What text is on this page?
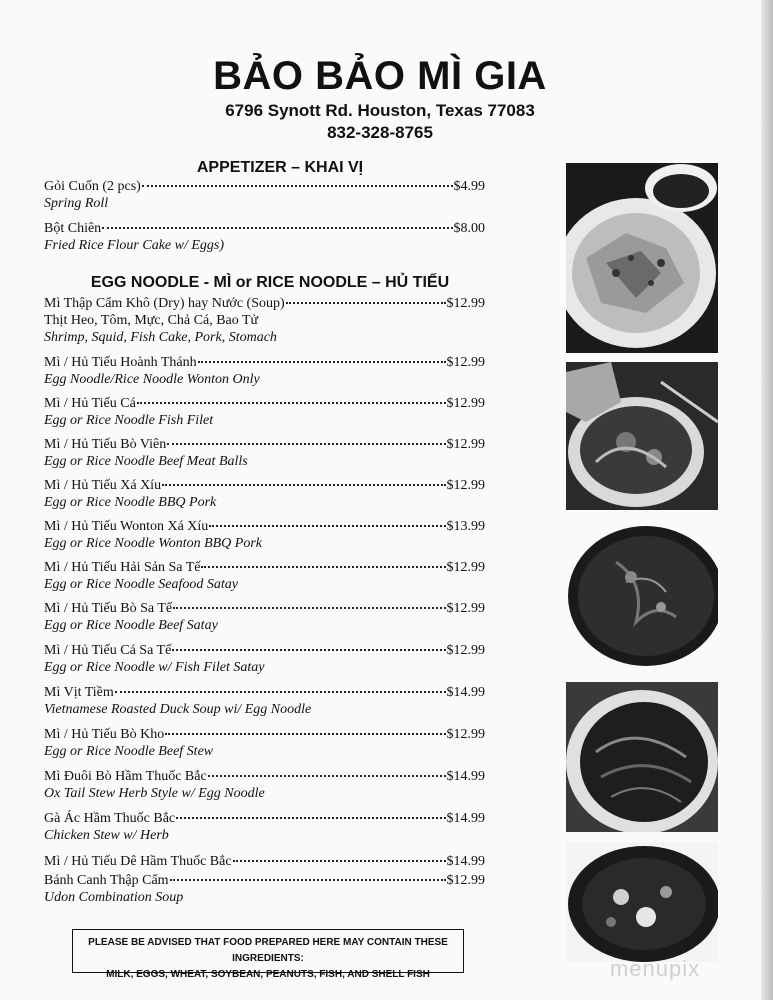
BẢO BẢO MÌ GIA
6796 Synott Rd. Houston, Texas 77083
832-328-8765
APPETIZER – KHAI VỊ
Gỏi Cuốn (2 pcs)	$4.99
Spring Roll
Bột Chiên	$8.00
Fried Rice Flour Cake w/ Eggs)
EGG NOODLE - MÌ or RICE NOODLE – HỦ TIẾU
Mì Thập Cẩm Khô (Dry) hay Nước (Soup)	$12.99
Thịt Heo, Tôm, Mực, Chả Cá, Bao Tử
Shrimp, Squid, Fish Cake, Pork, Stomach
Mì / Hủ Tiếu Hoành Thánh	$12.99
Egg Noodle/Rice Noodle Wonton Only
Mì / Hủ Tiếu Cá	$12.99
Egg or Rice Noodle Fish Filet
Mì / Hủ Tiếu Bò Viên	$12.99
Egg or Rice Noodle Beef Meat Balls
Mì / Hủ Tiếu Xá Xíu	$12.99
Egg or Rice Noodle BBQ Pork
Mì / Hủ Tiếu Wonton Xá Xíu	$13.99
Egg or Rice Noodle Wonton BBQ Pork
Mì / Hủ Tiếu Hải Sản Sa Tế	$12.99
Egg or Rice Noodle Seafood Satay
Mì / Hủ Tiếu Bò Sa Tế	$12.99
Egg or Rice Noodle Beef Satay
Mì / Hủ Tiếu Cá Sa Tế	$12.99
Egg or Rice Noodle w/ Fish Filet Satay
Mì Vịt Tiềm	$14.99
Vietnamese Roasted Duck Soup wi/ Egg Noodle
Mì / Hủ Tiếu Bò Kho	$12.99
Egg or Rice Noodle Beef Stew
Mì Đuôi Bò Hầm Thuốc Bắc	$14.99
Ox Tail Stew Herb Style w/ Egg Noodle
Gà Ác Hầm Thuốc Bắc	$14.99
Chicken Stew w/ Herb
Mì / Hủ Tiếu Dê Hầm Thuốc Bắc	$14.99
Bánh Canh Thập Cẩm	$12.99
Udon Combination Soup
PLEASE BE ADVISED THAT FOOD PREPARED HERE MAY CONTAIN THESE INGREDIENTS:
MILK, EGGS, WHEAT, SOYBEAN, PEANUTS, FISH, AND SHELL FISH	menupix
